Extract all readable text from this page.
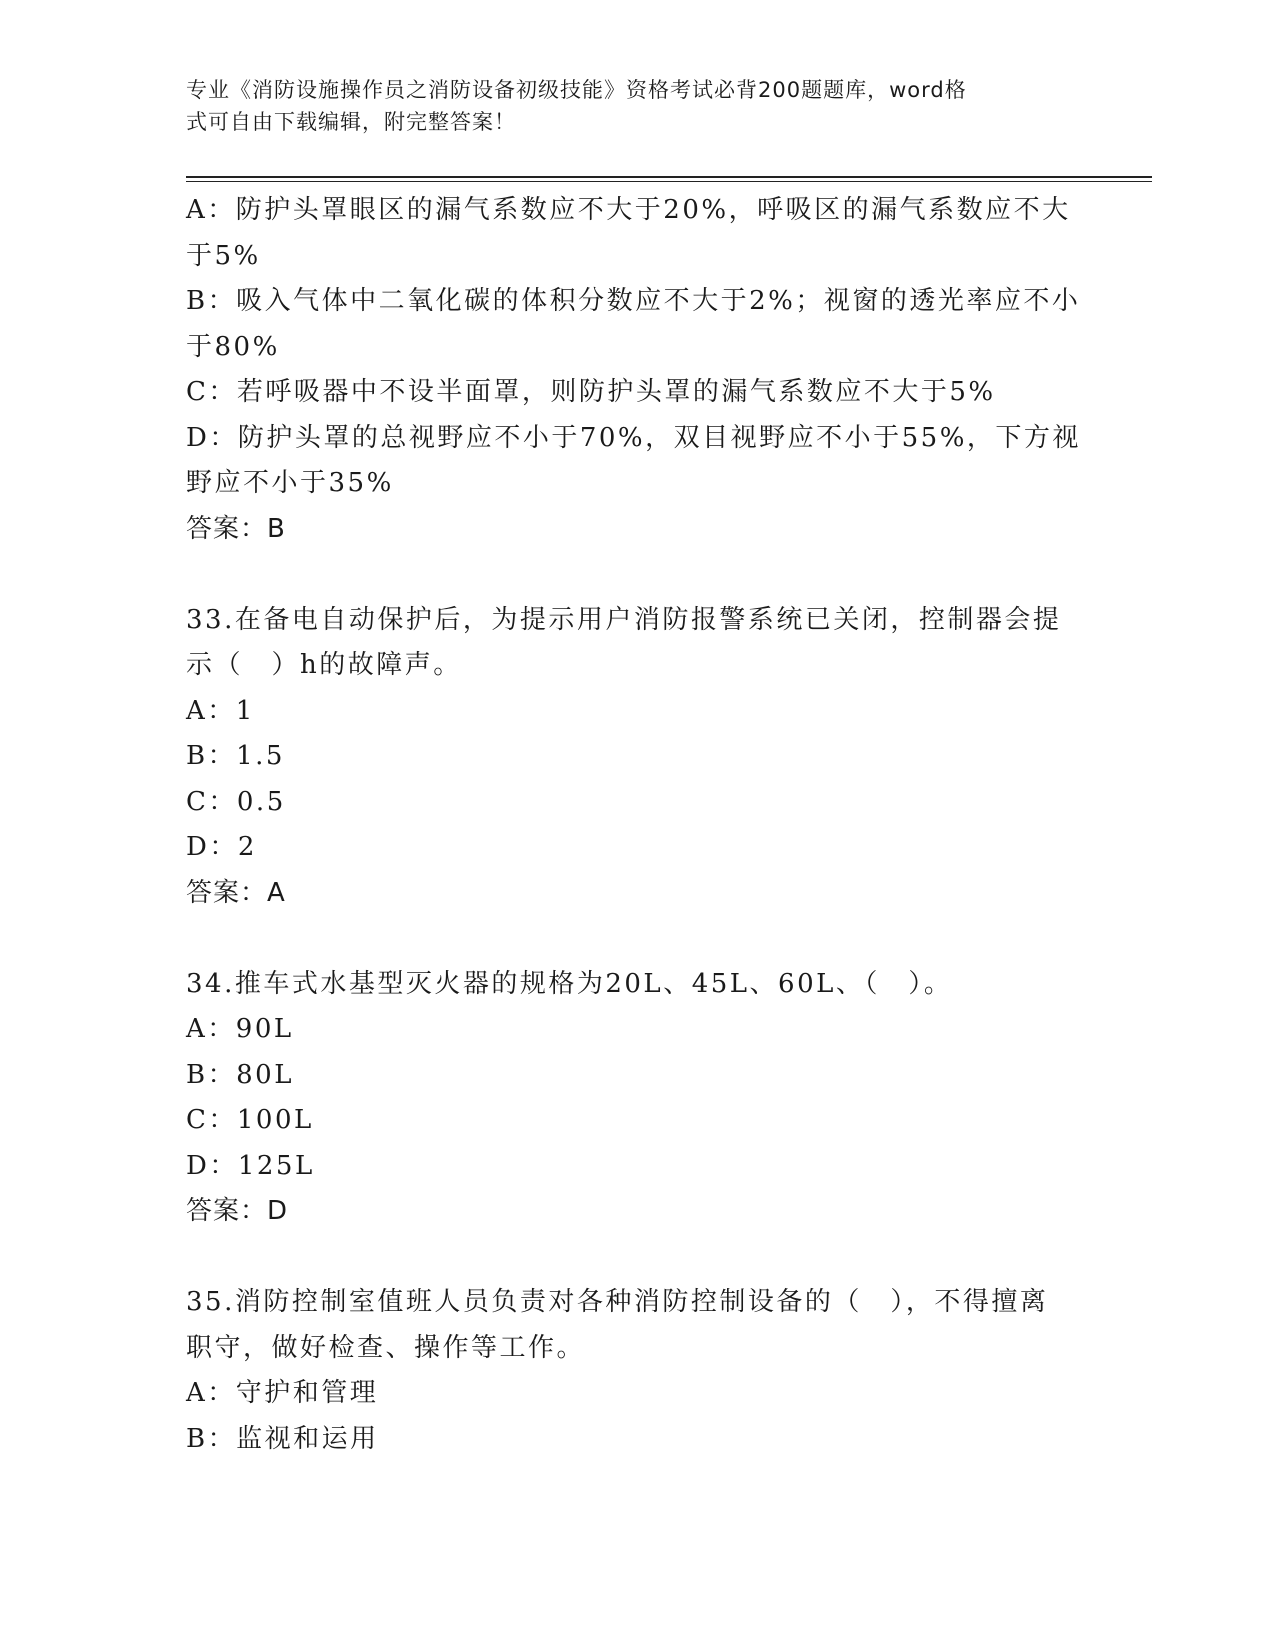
专业《消防设施操作员之消防设备初级技能》资格考试必背200题题库，word格
式可自由下载编辑，附完整答案！
A：防护头罩眼区的漏气系数应不大于20%，呼吸区的漏气系数应不大
于5%
B：吸入气体中二氧化碳的体积分数应不大于2%；视窗的透光率应不小
于80%
C：若呼吸器中不设半面罩，则防护头罩的漏气系数应不大于5%
D：防护头罩的总视野应不小于70%，双目视野应不小于55%，下方视
野应不小于35%
答案：B
33.在备电自动保护后，为提示用户消防报警系统已关闭，控制器会提
示（　）h的故障声。
A：1
B：1.5
C：0.5
D：2
答案：A
34.推车式水基型灭火器的规格为20L、45L、60L、（　）。
A：90L
B：80L
C：100L
D：125L
答案：D
35.消防控制室值班人员负责对各种消防控制设备的（　），不得擅离
职守，做好检查、操作等工作。
A：守护和管理
B：监视和运用
